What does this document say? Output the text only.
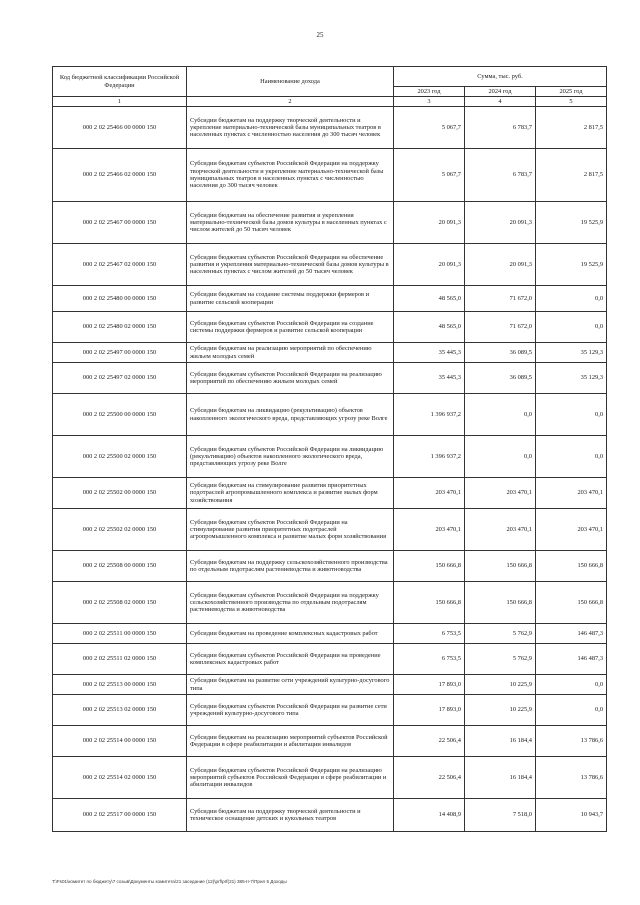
25
Код бюджетной классификации Российской Федерации	Наименование дохода	Сумма, тыс. руб.		
		2023 год	2024 год	2025 год
1	2	3	4	5
000 2 02 25466 00 0000 150	Субсидии бюджетам на поддержку творческой деятельности и укрепление материально-технической базы муниципальных театров в населенных пунктах с численностью населения до 300 тысяч человек	5 067,7	6 783,7	2 817,5
000 2 02 25466 02 0000 150	Субсидии бюджетам субъектов Российской Федерации на поддержку творческой деятельности и укрепление материально-технической базы муниципальных театров в населенных пунктах с численностью населения до 300 тысяч человек	5 067,7	6 783,7	2 817,5
000 2 02 25467 00 0000 150	Субсидии бюджетам на обеспечение развития и укрепления материально-технической базы домов культуры в населенных пунктах с числом жителей до 50 тысяч человек	20 091,3	20 091,3	19 525,9
000 2 02 25467 02 0000 150	Субсидии бюджетам субъектов Российской Федерации на обеспечение развития и укрепления материально-технической базы домов культуры в населенных пунктах с числом жителей до 50 тысяч человек	20 091,3	20 091,3	19 525,9
000 2 02 25480 00 0000 150	Субсидии бюджетам на создание системы поддержки фермеров и развитие сельской кооперации	48 565,0	71 672,0	0,0
000 2 02 25480 02 0000 150	Субсидии бюджетам субъектов Российской Федерации на создание системы поддержки фермеров и развитие сельской кооперации	48 565,0	71 672,0	0,0
000 2 02 25497 00 0000 150	Субсидии бюджетам на реализацию мероприятий по обеспечению жильем молодых семей	35 445,3	36 089,5	35 129,3
000 2 02 25497 02 0000 150	Субсидии бюджетам субъектов Российской Федерации на реализацию мероприятий по обеспечению жильем молодых семей	35 445,3	36 089,5	35 129,3
000 2 02 25500 00 0000 150	Субсидии бюджетам на ликвидацию (рекультивацию) объектов накопленного экологического вреда, представляющих угрозу реке Волге	1 396 937,2	0,0	0,0
000 2 02 25500 02 0000 150	Субсидии бюджетам субъектов Российской Федерации на ликвидацию (рекультивацию) объектов накопленного экологического вреда, представляющих угрозу реке Волге	1 396 937,2	0,0	0,0
000 2 02 25502 00 0000 150	Субсидии бюджетам на стимулирование развития приоритетных подотраслей агропромышленного комплекса и развитие малых форм хозяйствования	203 470,1	203 470,1	203 470,1
000 2 02 25502 02 0000 150	Субсидии бюджетам субъектов Российской Федерации на стимулирование развития приоритетных подотраслей агропромышленного комплекса и развитие малых форм хозяйствования	203 470,1	203 470,1	203 470,1
000 2 02 25508 00 0000 150	Субсидии бюджетам на поддержку сельскохозяйственного производства по отдельным подотраслям растениеводства и животноводства	150 666,8	150 666,8	150 666,8
000 2 02 25508 02 0000 150	Субсидии бюджетам субъектов Российской Федерации на поддержку сельскохозяйственного производства по отдельным подотраслям растениеводства и животноводства	150 666,8	150 666,8	150 666,8
000 2 02 25511 00 0000 150	Субсидии бюджетам на проведение комплексных кадастровых работ	6 753,5	5 762,9	146 487,3
000 2 02 25511 02 0000 150	Субсидии бюджетам субъектов Российской Федерации на проведение комплексных кадастровых работ	6 753,5	5 762,9	146 487,3
000 2 02 25513 00 0000 150	Субсидии бюджетам на развитие сети учреждений культурно-досугового типа	17 893,0	10 225,9	0,0
000 2 02 25513 02 0000 150	Субсидии бюджетам субъектов Российской Федерации на развитие сети учреждений культурно-досугового типа	17 893,0	10 225,9	0,0
000 2 02 25514 00 0000 150	Субсидии бюджетам на реализацию мероприятий субъектов Российской Федерации в сфере реабилитации и абилитации инвалидов	22 506,4	16 184,4	13 786,6
000 2 02 25514 02 0000 150	Субсидии бюджетам субъектов Российской Федерации на реализацию мероприятий субъектов Российской Федерации в сфере реабилитации и абилитации инвалидов	22 506,4	16 184,4	13 786,6
000 2 02 25517 00 0000 150	Субсидии бюджетам на поддержку творческой деятельности и техническое оснащение детских и кукольных театров	14 408,9	7 518,0	10 943,7
T:\Fs01\комитет по бюджету\7 созыв\Документы комитета\21 заседание (12)\prf\prf(21) 385-II-7\Прил 5 Доходы
